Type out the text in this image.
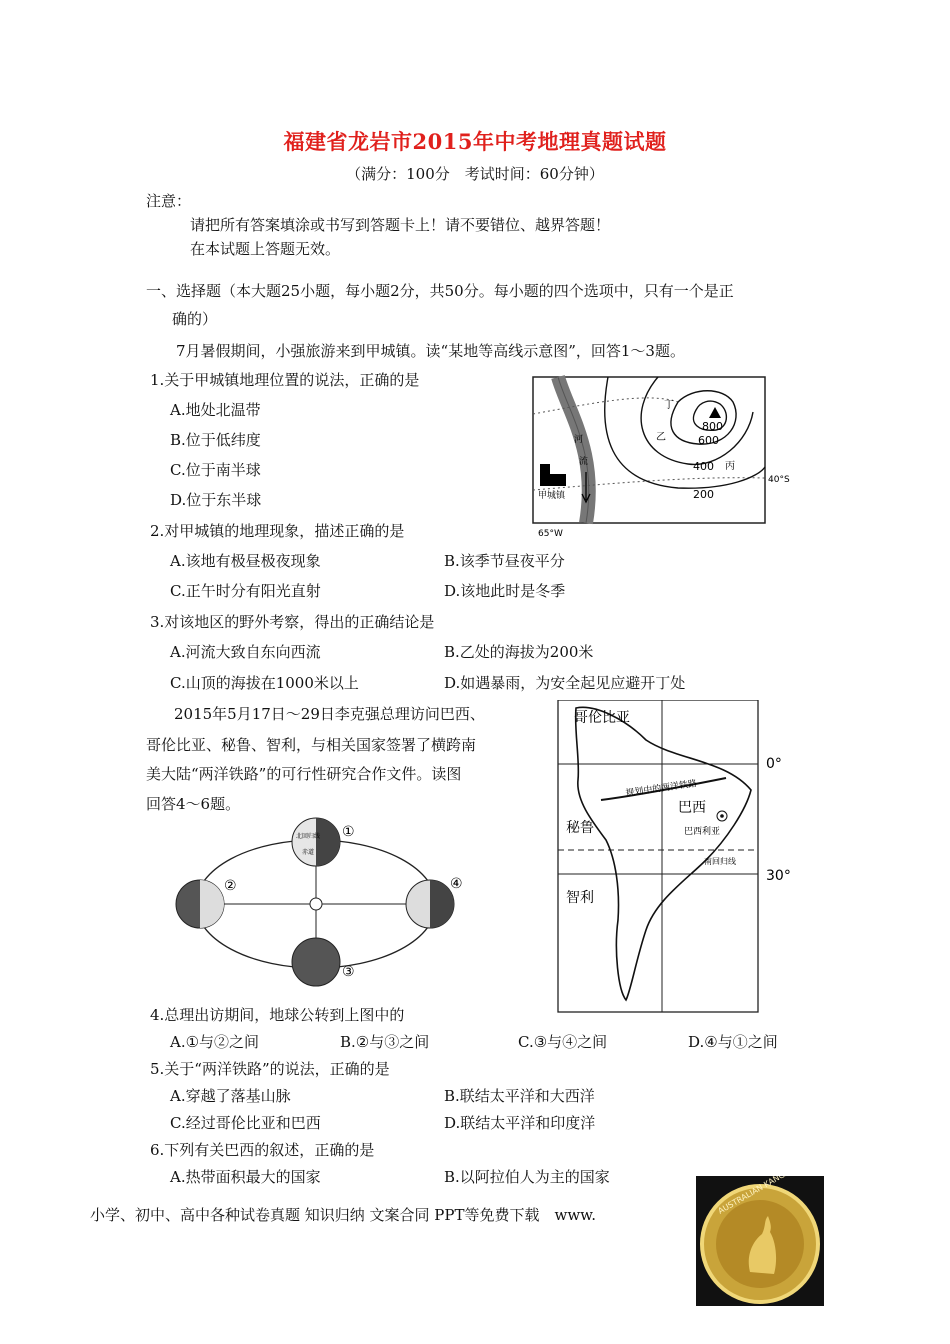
福建省龙岩市2015年中考地理真题试题
（满分：100分　考试时间：60分钟）
注意：
请把所有答案填涂或书写到答题卡上！请不要错位、越界答题！
在本试题上答题无效。
一、选择题（本大题25小题，每小题2分，共50分。每小题的四个选项中，只有一个是正
确的）
7月暑假期间，小强旅游来到甲城镇。读“某地等高线示意图”，回答1～3题。
1.关于甲城镇地理位置的说法，正确的是
A.地处北温带
B.位于低纬度
C.位于南半球
D.位于东半球
2.对甲城镇的地理现象，描述正确的是
A.该地有极昼极夜现象	B.该季节昼夜平分
C.正午时分有阳光直射	D.该地此时是冬季
3.对该地区的野外考察，得出的正确结论是
A.河流大致自东向西流	B.乙处的海拔为200米
C.山顶的海拔在1000米以上	D.如遇暴雨，为安全起见应避开丁处
2015年5月17日～29日李克强总理访问巴西、
哥伦比亚、秘鲁、智利，与相关国家签署了横跨南
美大陆“两洋铁路”的可行性研究合作文件。读图
回答4～6题。
4.总理出访期间，地球公转到上图中的
A.①与②之间	B.②与③之间	C.③与④之间	D.④与①之间
5.关于“两洋铁路”的说法，正确的是
A.穿越了落基山脉	B.联结太平洋和大西洋
C.经过哥伦比亚和巴西	D.联结太平洋和印度洋
6.下列有关巴西的叙述，正确的是
A.热带面积最大的国家	B.以阿拉伯人为主的国家
小学、初中、高中各种试卷真题 知识归纳 文案合同 PPT等免费下载　www.
河
流
800
600
400
200
丁
乙
丙
甲城镇
40°S
65°W
北回归线
赤道
①
②
③
④
哥伦比亚
秘鲁
智利
巴西
规划中的两洋铁路
巴西利亚
南回归线
0°
30°
